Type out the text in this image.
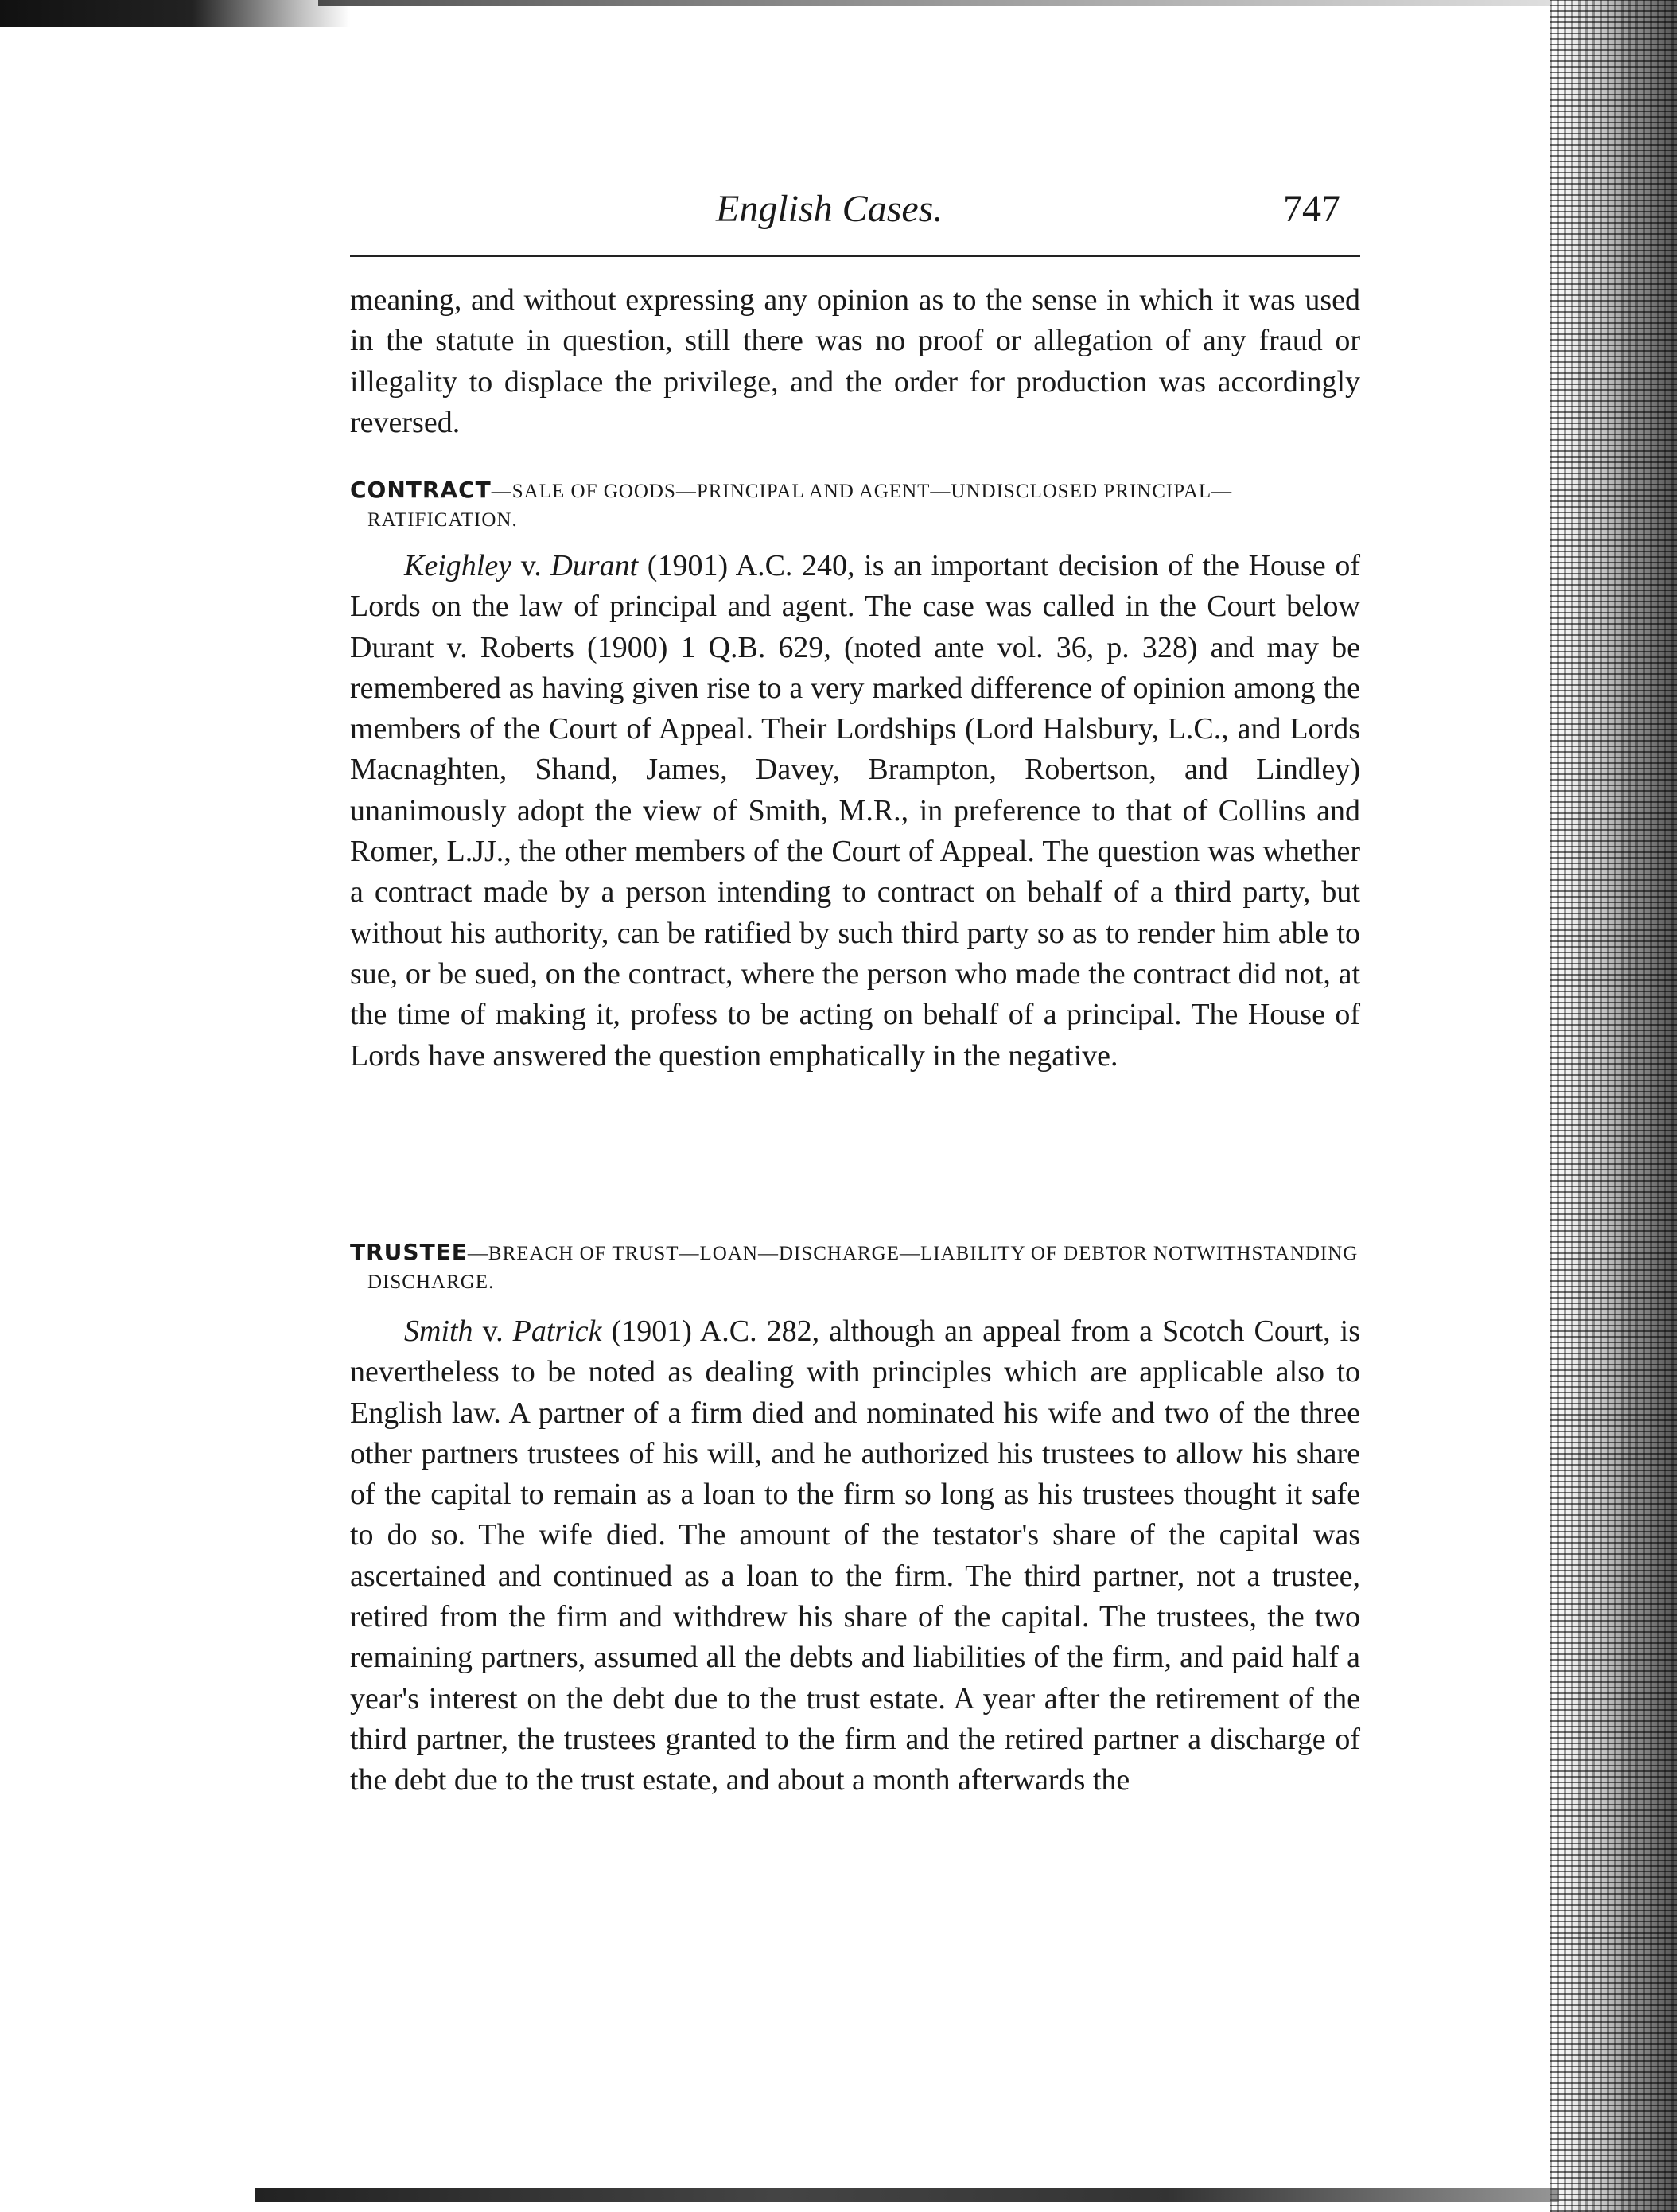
English Cases.	747

meaning, and without expressing any opinion as to the sense in which it was used in the statute in question, still there was no proof or allegation of any fraud or illegality to displace the privilege, and the order for production was accordingly reversed.

CONTRACT—SALE OF GOODS—PRINCIPAL AND AGENT—UNDISCLOSED PRINCIPAL—RATIFICATION.

Keighley v. Durant (1901) A.C. 240, is an important decision of the House of Lords on the law of principal and agent. The case was called in the Court below Durant v. Roberts (1900) 1 Q.B. 629, (noted ante vol. 36, p. 328) and may be remembered as having given rise to a very marked difference of opinion among the members of the Court of Appeal. Their Lordships (Lord Halsbury, L.C., and Lords Macnaghten, Shand, James, Davey, Brampton, Robertson, and Lindley) unanimously adopt the view of Smith, M.R., in preference to that of Collins and Romer, L.JJ., the other members of the Court of Appeal. The question was whether a contract made by a person intending to contract on behalf of a third party, but without his authority, can be ratified by such third party so as to render him able to sue, or be sued, on the contract, where the person who made the contract did not, at the time of making it, profess to be acting on behalf of a principal. The House of Lords have answered the question emphatically in the negative.

TRUSTEE—BREACH OF TRUST—LOAN—DISCHARGE—LIABILITY OF DEBTOR NOTWITHSTANDING DISCHARGE.

Smith v. Patrick (1901) A.C. 282, although an appeal from a Scotch Court, is nevertheless to be noted as dealing with principles which are applicable also to English law. A partner of a firm died and nominated his wife and two of the three other partners trustees of his will, and he authorized his trustees to allow his share of the capital to remain as a loan to the firm so long as his trustees thought it safe to do so. The wife died. The amount of the testator's share of the capital was ascertained and continued as a loan to the firm. The third partner, not a trustee, retired from the firm and withdrew his share of the capital. The trustees, the two remaining partners, assumed all the debts and liabilities of the firm, and paid half a year's interest on the debt due to the trust estate. A year after the retirement of the third partner, the trustees granted to the firm and the retired partner a discharge of the debt due to the trust estate, and about a month afterwards the
